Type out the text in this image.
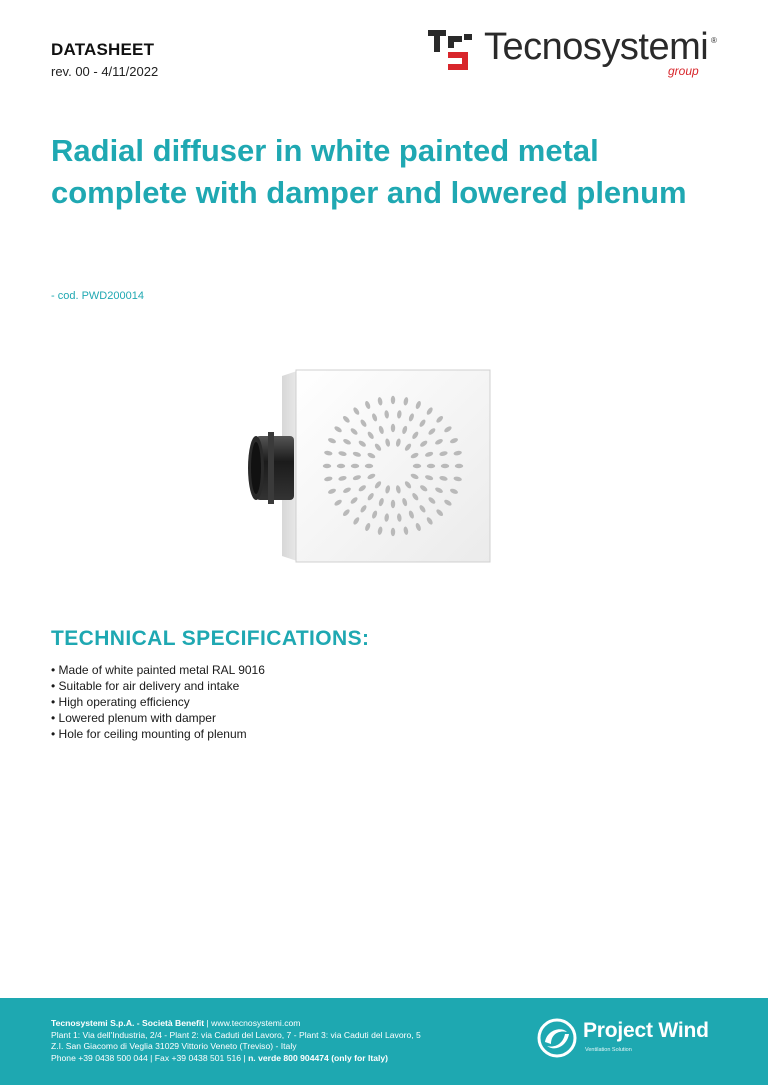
DATASHEET
rev. 00 - 4/11/2022
Tecnosystemi ®
group
Radial diffuser in white painted metal complete with damper and lowered plenum
- cod. PWD200014
TECHNICAL SPECIFICATIONS:
• Made of white painted metal RAL 9016
• Suitable for air delivery and intake
• High operating efficiency
• Lowered plenum with damper
• Hole for ceiling mounting of plenum
Tecnosystemi S.p.A. - Società Benefit | www.tecnosystemi.com
Plant 1: Via dell'Industria, 2/4 - Plant 2: via Caduti del Lavoro, 7 - Plant 3: via Caduti del Lavoro, 5
Z.I. San Giacomo di Veglia 31029 Vittorio Veneto (Treviso) - Italy
Phone +39 0438 500 044 | Fax +39 0438 501 516 | n. verde 800 904474 (only for Italy)
Project Wind
Ventilation Solution
